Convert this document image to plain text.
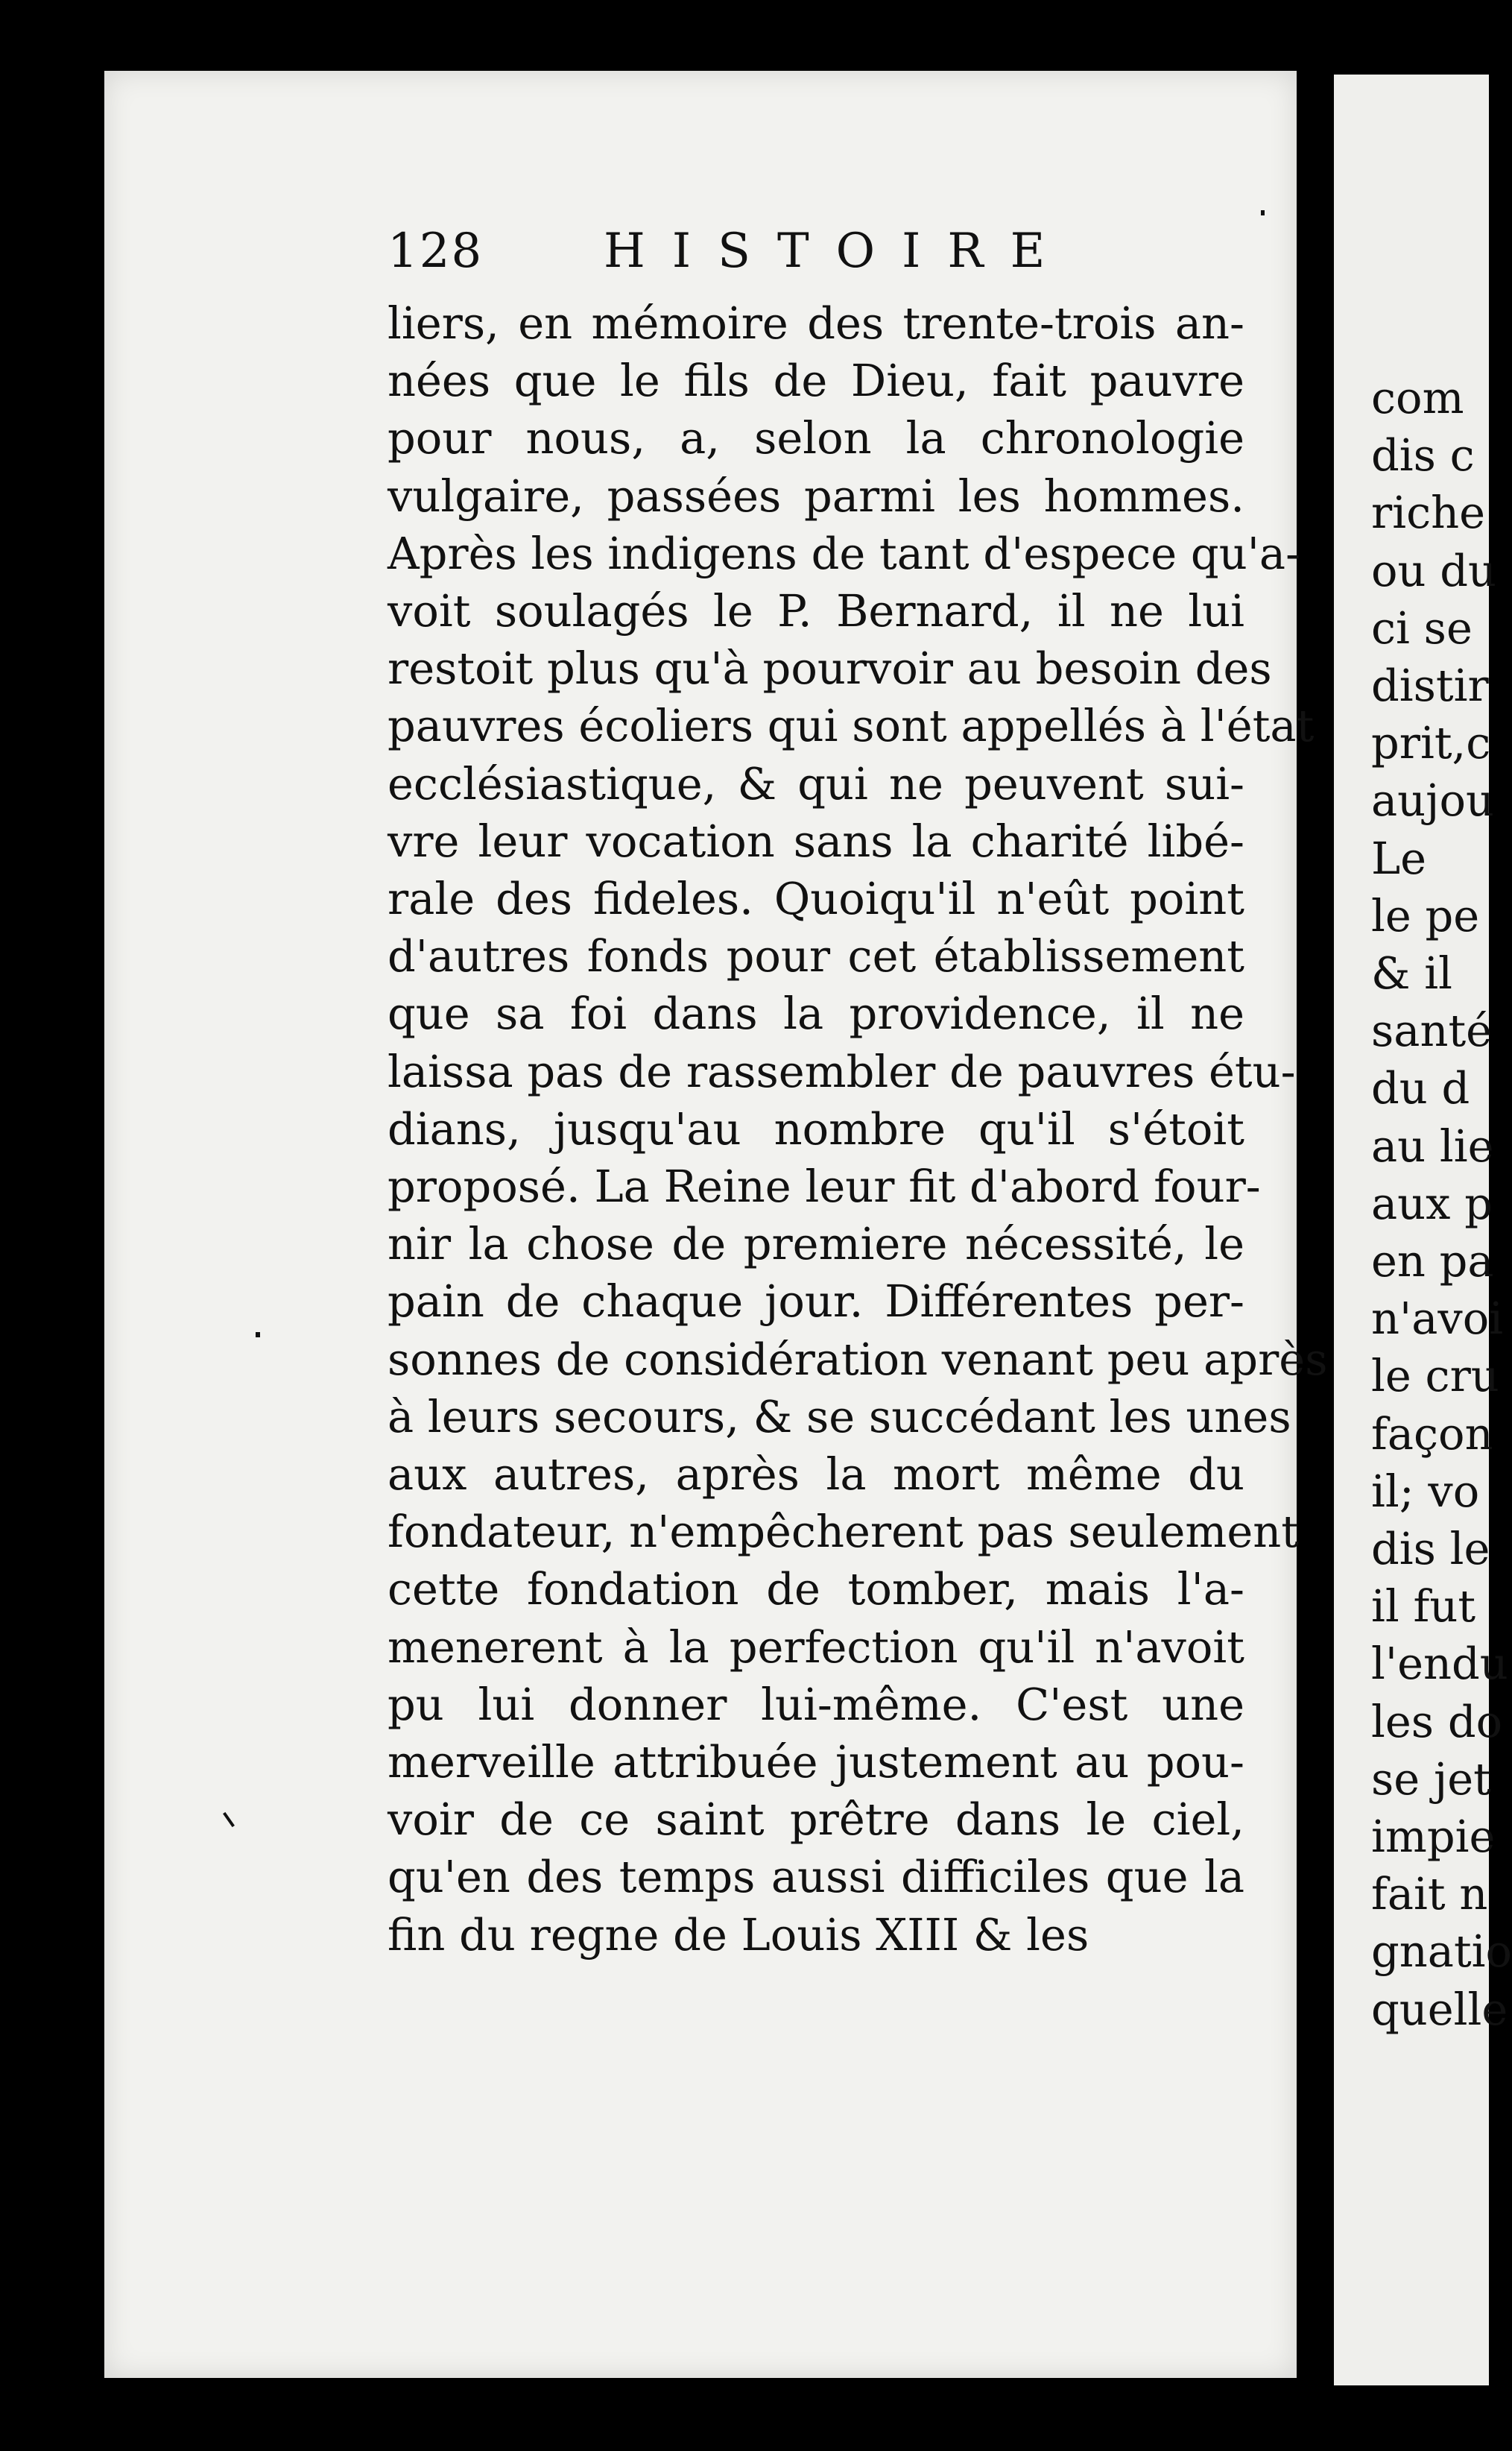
com
dis c
riche
ou du
ci se
distir
prit,c
aujou
Le
le pe
& il
santé
du d
au lie
aux p
en pa
n'avoi
le cru
façon
il; vo
dis le
il fut
l'endu
les do
se jet
impie
fait n
gnatio
quelle
128	HISTOIRE
liers, en mémoire des trente-trois an-
nées que le fils de Dieu, fait pauvre
pour nous, a, selon la chronologie
vulgaire, passées parmi les hommes.
Après les indigens de tant d'espece qu'a-
voit soulagés le P. Bernard, il ne lui
restoit plus qu'à pourvoir au besoin des
pauvres écoliers qui sont appellés à l'état
ecclésiastique, & qui ne peuvent sui-
vre leur vocation sans la charité libé-
rale des fideles. Quoiqu'il n'eût point
d'autres fonds pour cet établissement
que sa foi dans la providence, il ne
laissa pas de rassembler de pauvres étu-
dians, jusqu'au nombre qu'il s'étoit
proposé. La Reine leur fit d'abord four-
nir la chose de premiere nécessité, le
pain de chaque jour. Différentes per-
sonnes de considération venant peu après
à leurs secours, & se succédant les unes
aux autres, après la mort même du
fondateur, n'empêcherent pas seulement
cette fondation de tomber, mais l'a-
menerent à la perfection qu'il n'avoit
pu lui donner lui-même. C'est une
merveille attribuée justement au pou-
voir de ce saint prêtre dans le ciel,
qu'en des temps aussi difficiles que la
fin du regne de Louis XIII & les
